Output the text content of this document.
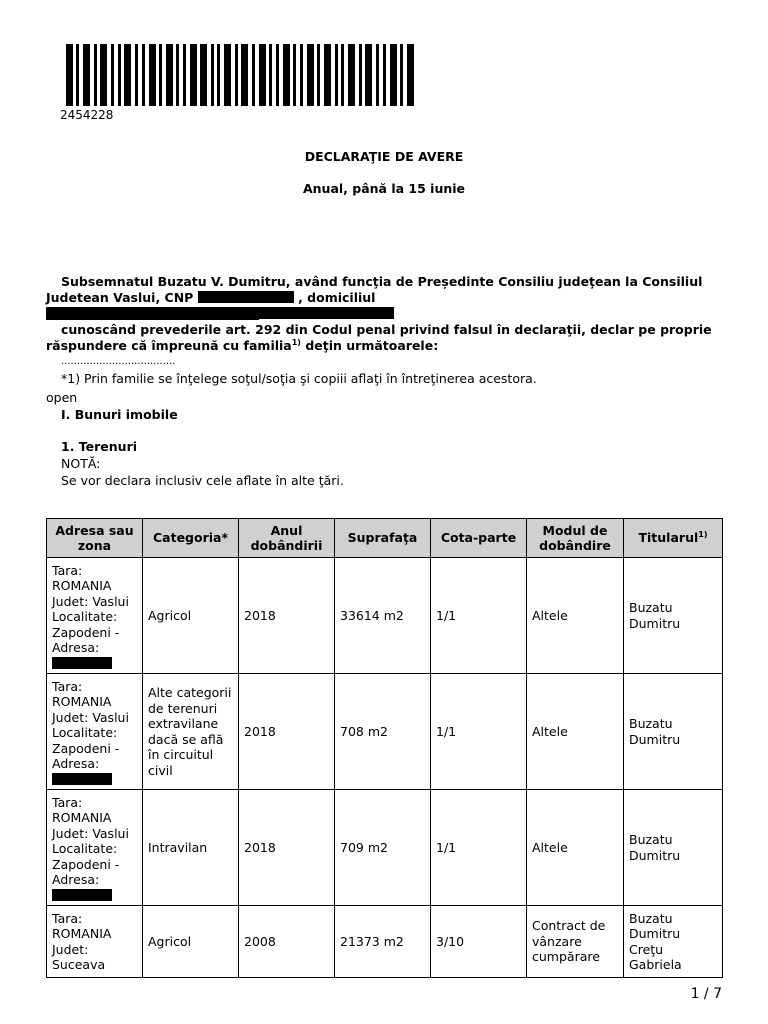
2454228
DECLARAŢIE DE AVERE
Anual, până la 15 iunie
Subsemnatul Buzatu V. Dumitru, având funcţia de Președinte Consiliu judeţean la Consiliul Judetean Vaslui, CNP	, domiciliul
cunoscând prevederile art. 292 din Codul penal privind falsul în declaraţii, declar pe proprie răspundere că împreună cu familia$^{1)}$ deţin următoarele:
....................................
*1) Prin familie se înţelege soţul/soţia şi copiii aflaţi în întreţinerea acestora.
open
I. Bunuri imobile
1. Terenuri
NOTĂ:
Se vor declara inclusiv cele aflate în alte ţări.
Adresa sau zona	Categoria*	Anul dobândirii	Suprafaţa	Cota-parte	Modul de dobândire	Titularul$^{1)}$
Tara: ROMANIA Judet: Vaslui Localitate: Zapodeni - Adresa:	Agricol	2018	33614 m2	1/1	Altele	Buzatu Dumitru
Tara: ROMANIA Judet: Vaslui Localitate: Zapodeni - Adresa:	Alte categorii de terenuri extravilane dacă se află în circuitul civil	2018	708 m2	1/1	Altele	Buzatu Dumitru
Tara: ROMANIA Judet: Vaslui Localitate: Zapodeni - Adresa:	Intravilan	2018	709 m2	1/1	Altele	Buzatu Dumitru
Tara: ROMANIA Judet: Suceava	Agricol	2008	21373 m2	3/10	Contract de vânzare cumpărare	Buzatu Dumitru Creţu Gabriela
1 / 7
